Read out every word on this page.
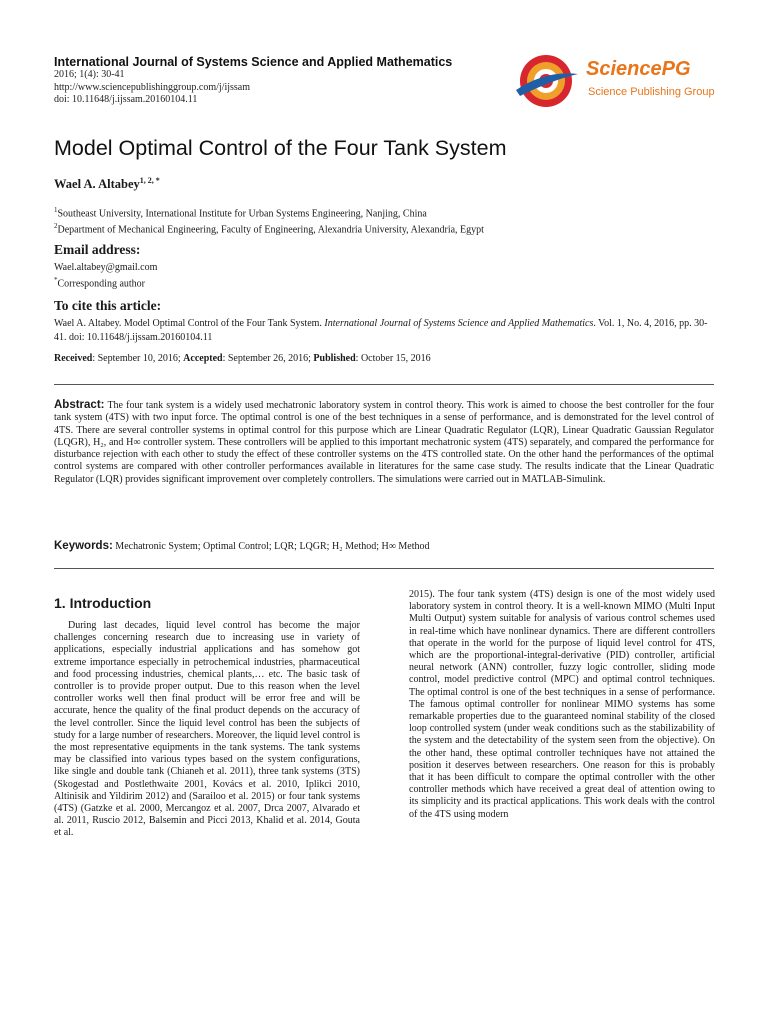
International Journal of Systems Science and Applied Mathematics
2016; 1(4): 30-41
http://www.sciencepublishinggroup.com/j/ijssam
doi: 10.11648/j.ijssam.20160104.11
SciencePG
Science Publishing Group
Model Optimal Control of the Four Tank System
Wael A. Altabey$^{1, 2, *}$
$^1$Southeast University, International Institute for Urban Systems Engineering, Nanjing, China
$^2$Department of Mechanical Engineering, Faculty of Engineering, Alexandria University, Alexandria, Egypt
Email address:
Wael.altabey@gmail.com
*Corresponding author
To cite this article:
Wael A. Altabey. Model Optimal Control of the Four Tank System. International Journal of Systems Science and Applied Mathematics. Vol. 1, No. 4, 2016, pp. 30-41. doi: 10.11648/j.ijssam.20160104.11
Received: September 10, 2016; Accepted: September 26, 2016; Published: October 15, 2016
Abstract: The four tank system is a widely used mechatronic laboratory system in control theory. This work is aimed to choose the best controller for the four tank system (4TS) with two input force. The optimal control is one of the best techniques in a sense of performance, and is demonstrated for the level control of 4TS. There are several controller systems in optimal control for this purpose which are Linear Quadratic Regulator (LQR), Linear Quadratic Gaussian Regulator (LQGR), H₂, and H∞ controller system. These controllers will be applied to this important mechatronic system (4TS) separately, and compared the performance for disturbance rejection with each other to study the effect of these controller systems on the 4TS controlled state. On the other hand the performances of the optimal control systems are compared with other controller performances available in literatures for the same case study. The results indicate that the Linear Quadratic Regulator (LQR) provides significant improvement over completely controllers. The simulations were carried out in MATLAB-Simulink.
Keywords: Mechatronic System; Optimal Control; LQR; LQGR; H₂ Method; H∞ Method
1. Introduction
During last decades, liquid level control has become the major challenges concerning research due to increasing use in variety of applications, especially industrial applications and has somehow got extreme importance especially in petrochemical industries, pharmaceutical and food processing industries, chemical plants,… etc. The basic task of controller is to provide proper output. Due to this reason when the level controller works well then final product will be error free and will be accurate, hence the quality of the final product depends on the accuracy of the level controller. Since the liquid level control has been the subjects of study for a large number of researchers. Moreover, the liquid level control is the most representative equipments in the tank systems. The tank systems may be classified into various types based on the system configurations, like single and double tank (Chianeh et al. 2011), three tank systems (3TS) (Skogestad and Postlethwaite 2001, Kovács et al. 2010, Iplikci 2010, Altinisik and Yildirim 2012) and (Sarailoo et al. 2015) or four tank systems (4TS) (Gatzke et al. 2000, Mercangoz et al. 2007, Drca 2007, Alvarado et al. 2011, Ruscio 2012, Balsemin and Picci 2013, Khalid et al. 2014, Gouta et al.
2015). The four tank system (4TS) design is one of the most widely used laboratory system in control theory. It is a well-known MIMO (Multi Input Multi Output) system suitable for analysis of various control schemes used in real-time which have nonlinear dynamics. There are different controllers that operate in the world for the purpose of liquid level control for 4TS, which are the proportional-integral-derivative (PID) controller, artificial neural network (ANN) controller, fuzzy logic controller, sliding mode control, model predictive control (MPC) and optimal control techniques. The optimal control is one of the best techniques in a sense of performance. The famous optimal controller for nonlinear MIMO systems has some remarkable properties due to the guaranteed nominal stability of the closed loop controlled system (under weak conditions such as the stabilizability of the system and the detectability of the system seen from the objective). On the other hand, these optimal controller techniques have not attained the position it deserves between researchers. One reason for this is probably that it has been difficult to compare the optimal controller with the other controller methods which have received a great deal of attention owing to its simplicity and its practical applications. This work deals with the control of the 4TS using modern
